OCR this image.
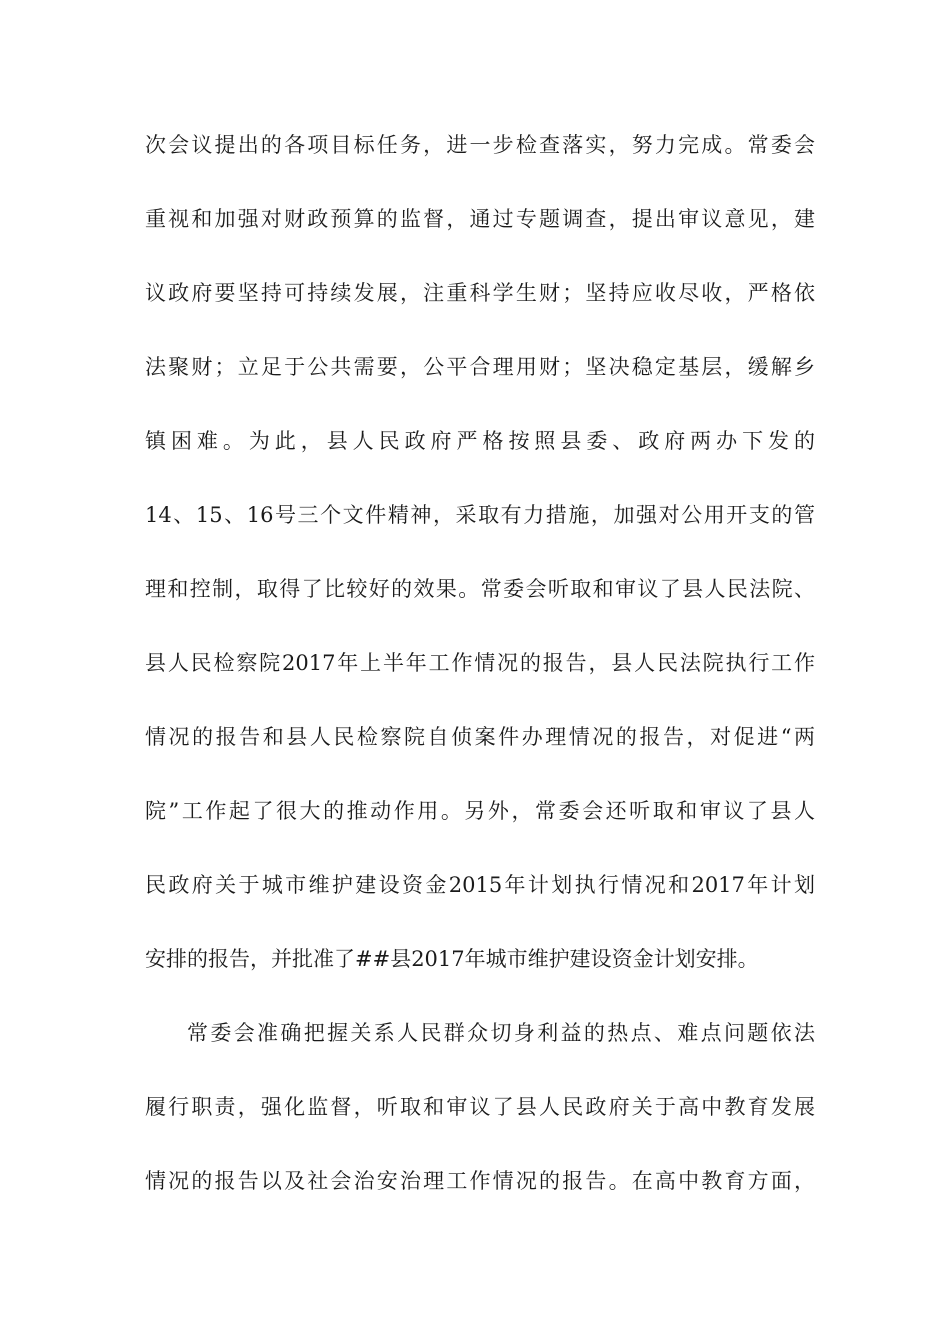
次会议提出的各项目标任务，进一步检查落实，努力完成。常委会
重视和加强对财政预算的监督，通过专题调查，提出审议意见，建
议政府要坚持可持续发展，注重科学生财；坚持应收尽收，严格依
法聚财；立足于公共需要，公平合理用财；坚决稳定基层，缓解乡
镇困难。为此，县人民政府严格按照县委、政府两办下发的
14、15、16号三个文件精神，采取有力措施，加强对公用开支的管
理和控制，取得了比较好的效果。常委会听取和审议了县人民法院、
县人民检察院2017年上半年工作情况的报告，县人民法院执行工作
情况的报告和县人民检察院自侦案件办理情况的报告，对促进“两
院”工作起了很大的推动作用。另外，常委会还听取和审议了县人
民政府关于城市维护建设资金2015年计划执行情况和2017年计划
安排的报告，并批准了##县2017年城市维护建设资金计划安排。
常委会准确把握关系人民群众切身利益的热点、难点问题依法
履行职责，强化监督，听取和审议了县人民政府关于高中教育发展
情况的报告以及社会治安治理工作情况的报告。在高中教育方面，
